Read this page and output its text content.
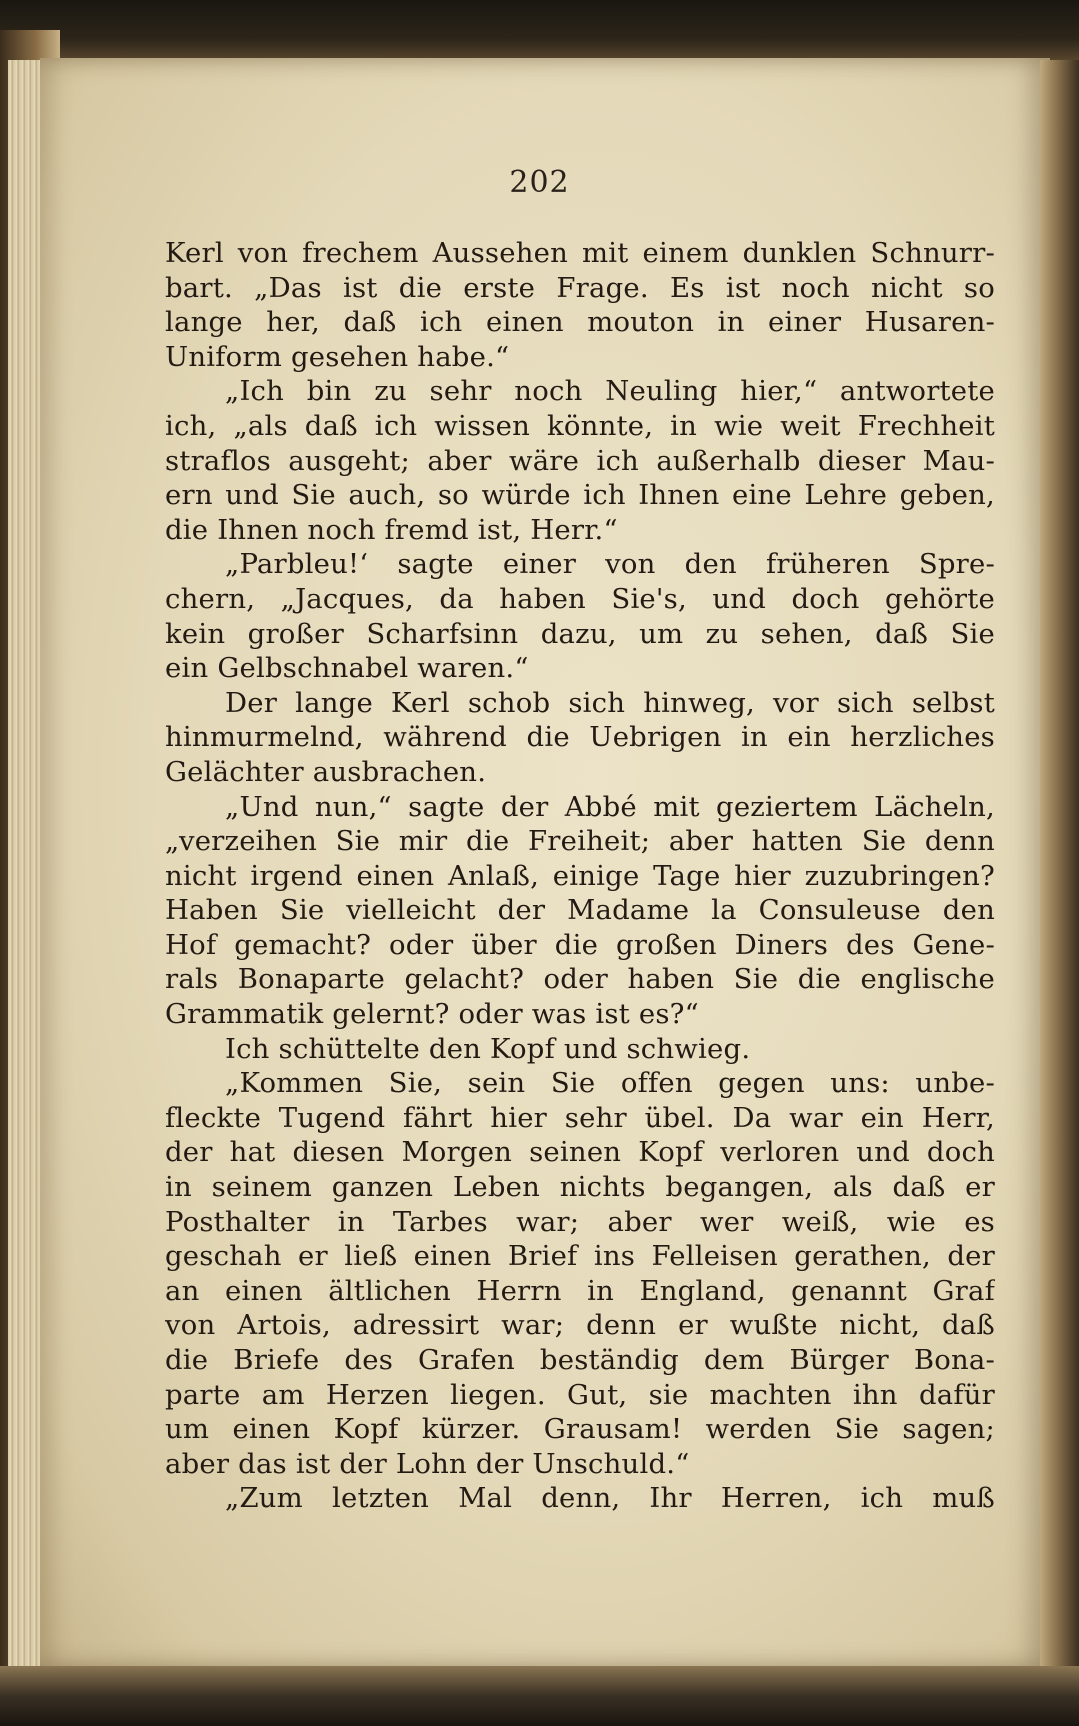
202
Kerl von frechem Aussehen mit einem dunklen Schnurr-
bart. „Das ist die erste Frage. Es ist noch nicht so
lange her, daß ich einen mouton in einer Husaren-
Uniform gesehen habe.“
„Ich bin zu sehr noch Neuling hier,“ antwortete
ich, „als daß ich wissen könnte, in wie weit Frechheit
straflos ausgeht; aber wäre ich außerhalb dieser Mau-
ern und Sie auch, so würde ich Ihnen eine Lehre geben,
die Ihnen noch fremd ist, Herr.“
„Parbleu!‘ sagte einer von den früheren Spre-
chern, „Jacques, da haben Sie's, und doch gehörte
kein großer Scharfsinn dazu, um zu sehen, daß Sie
ein Gelbschnabel waren.“
Der lange Kerl schob sich hinweg, vor sich selbst
hinmurmelnd, während die Uebrigen in ein herzliches
Gelächter ausbrachen.
„Und nun,“ sagte der Abbé mit geziertem Lächeln,
„verzeihen Sie mir die Freiheit; aber hatten Sie denn
nicht irgend einen Anlaß, einige Tage hier zuzubringen?
Haben Sie vielleicht der Madame la Consuleuse den
Hof gemacht? oder über die großen Diners des Gene-
rals Bonaparte gelacht? oder haben Sie die englische
Grammatik gelernt? oder was ist es?“
Ich schüttelte den Kopf und schwieg.
„Kommen Sie, sein Sie offen gegen uns: unbe-
fleckte Tugend fährt hier sehr übel. Da war ein Herr,
der hat diesen Morgen seinen Kopf verloren und doch
in seinem ganzen Leben nichts begangen, als daß er
Posthalter in Tarbes war; aber wer weiß, wie es
geschah er ließ einen Brief ins Felleisen gerathen, der
an einen ältlichen Herrn in England, genannt Graf
von Artois, adressirt war; denn er wußte nicht, daß
die Briefe des Grafen beständig dem Bürger Bona-
parte am Herzen liegen. Gut, sie machten ihn dafür
um einen Kopf kürzer. Grausam! werden Sie sagen;
aber das ist der Lohn der Unschuld.“
„Zum letzten Mal denn, Ihr Herren, ich muß
